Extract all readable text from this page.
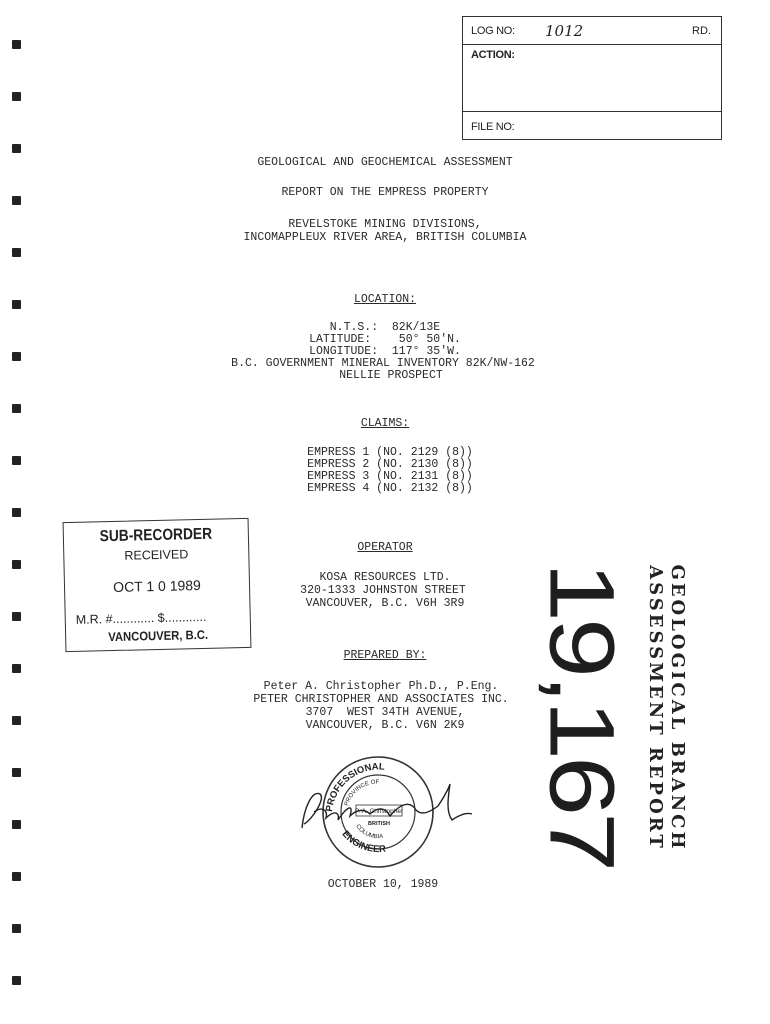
LOG NO: 1012	RD.
ACTION:
FILE NO:
GEOLOGICAL AND GEOCHEMICAL ASSESSMENT
REPORT ON THE EMPRESS PROPERTY
REVELSTOKE MINING DIVISIONS,
INCOMAPPLEUX RIVER AREA, BRITISH COLUMBIA
LOCATION:
N.T.S.:  82K/13E
LATITUDE:    50° 50'N.
LONGITUDE:  117° 35'W.
B.C. GOVERNMENT MINERAL INVENTORY 82K/NW-162
NELLIE PROSPECT
CLAIMS:
EMPRESS 1 (NO. 2129 (8))
EMPRESS 2 (NO. 2130 (8))
EMPRESS 3 (NO. 2131 (8))
EMPRESS 4 (NO. 2132 (8))
OPERATOR
KOSA RESOURCES LTD.
320-1333 JOHNSTON STREET
VANCOUVER, B.C. V6H 3R9
PREPARED BY:
Peter A. Christopher Ph.D., P.Eng.
PETER CHRISTOPHER AND ASSOCIATES INC.
3707  WEST 34TH AVENUE,
VANCOUVER, B.C. V6N 2K9
PROFESSIONAL
ENGINEER
PROVINCE OF
COLUMBIA
P. A. Christopher
BRITISH
OCTOBER 10, 1989
SUB-RECORDER
RECEIVED
OCT 1 0 1989
M.R. #............ $............
VANCOUVER, B.C.	19,167 GEOLOGICAL BRANCH
ASSESSMENT REPORT
